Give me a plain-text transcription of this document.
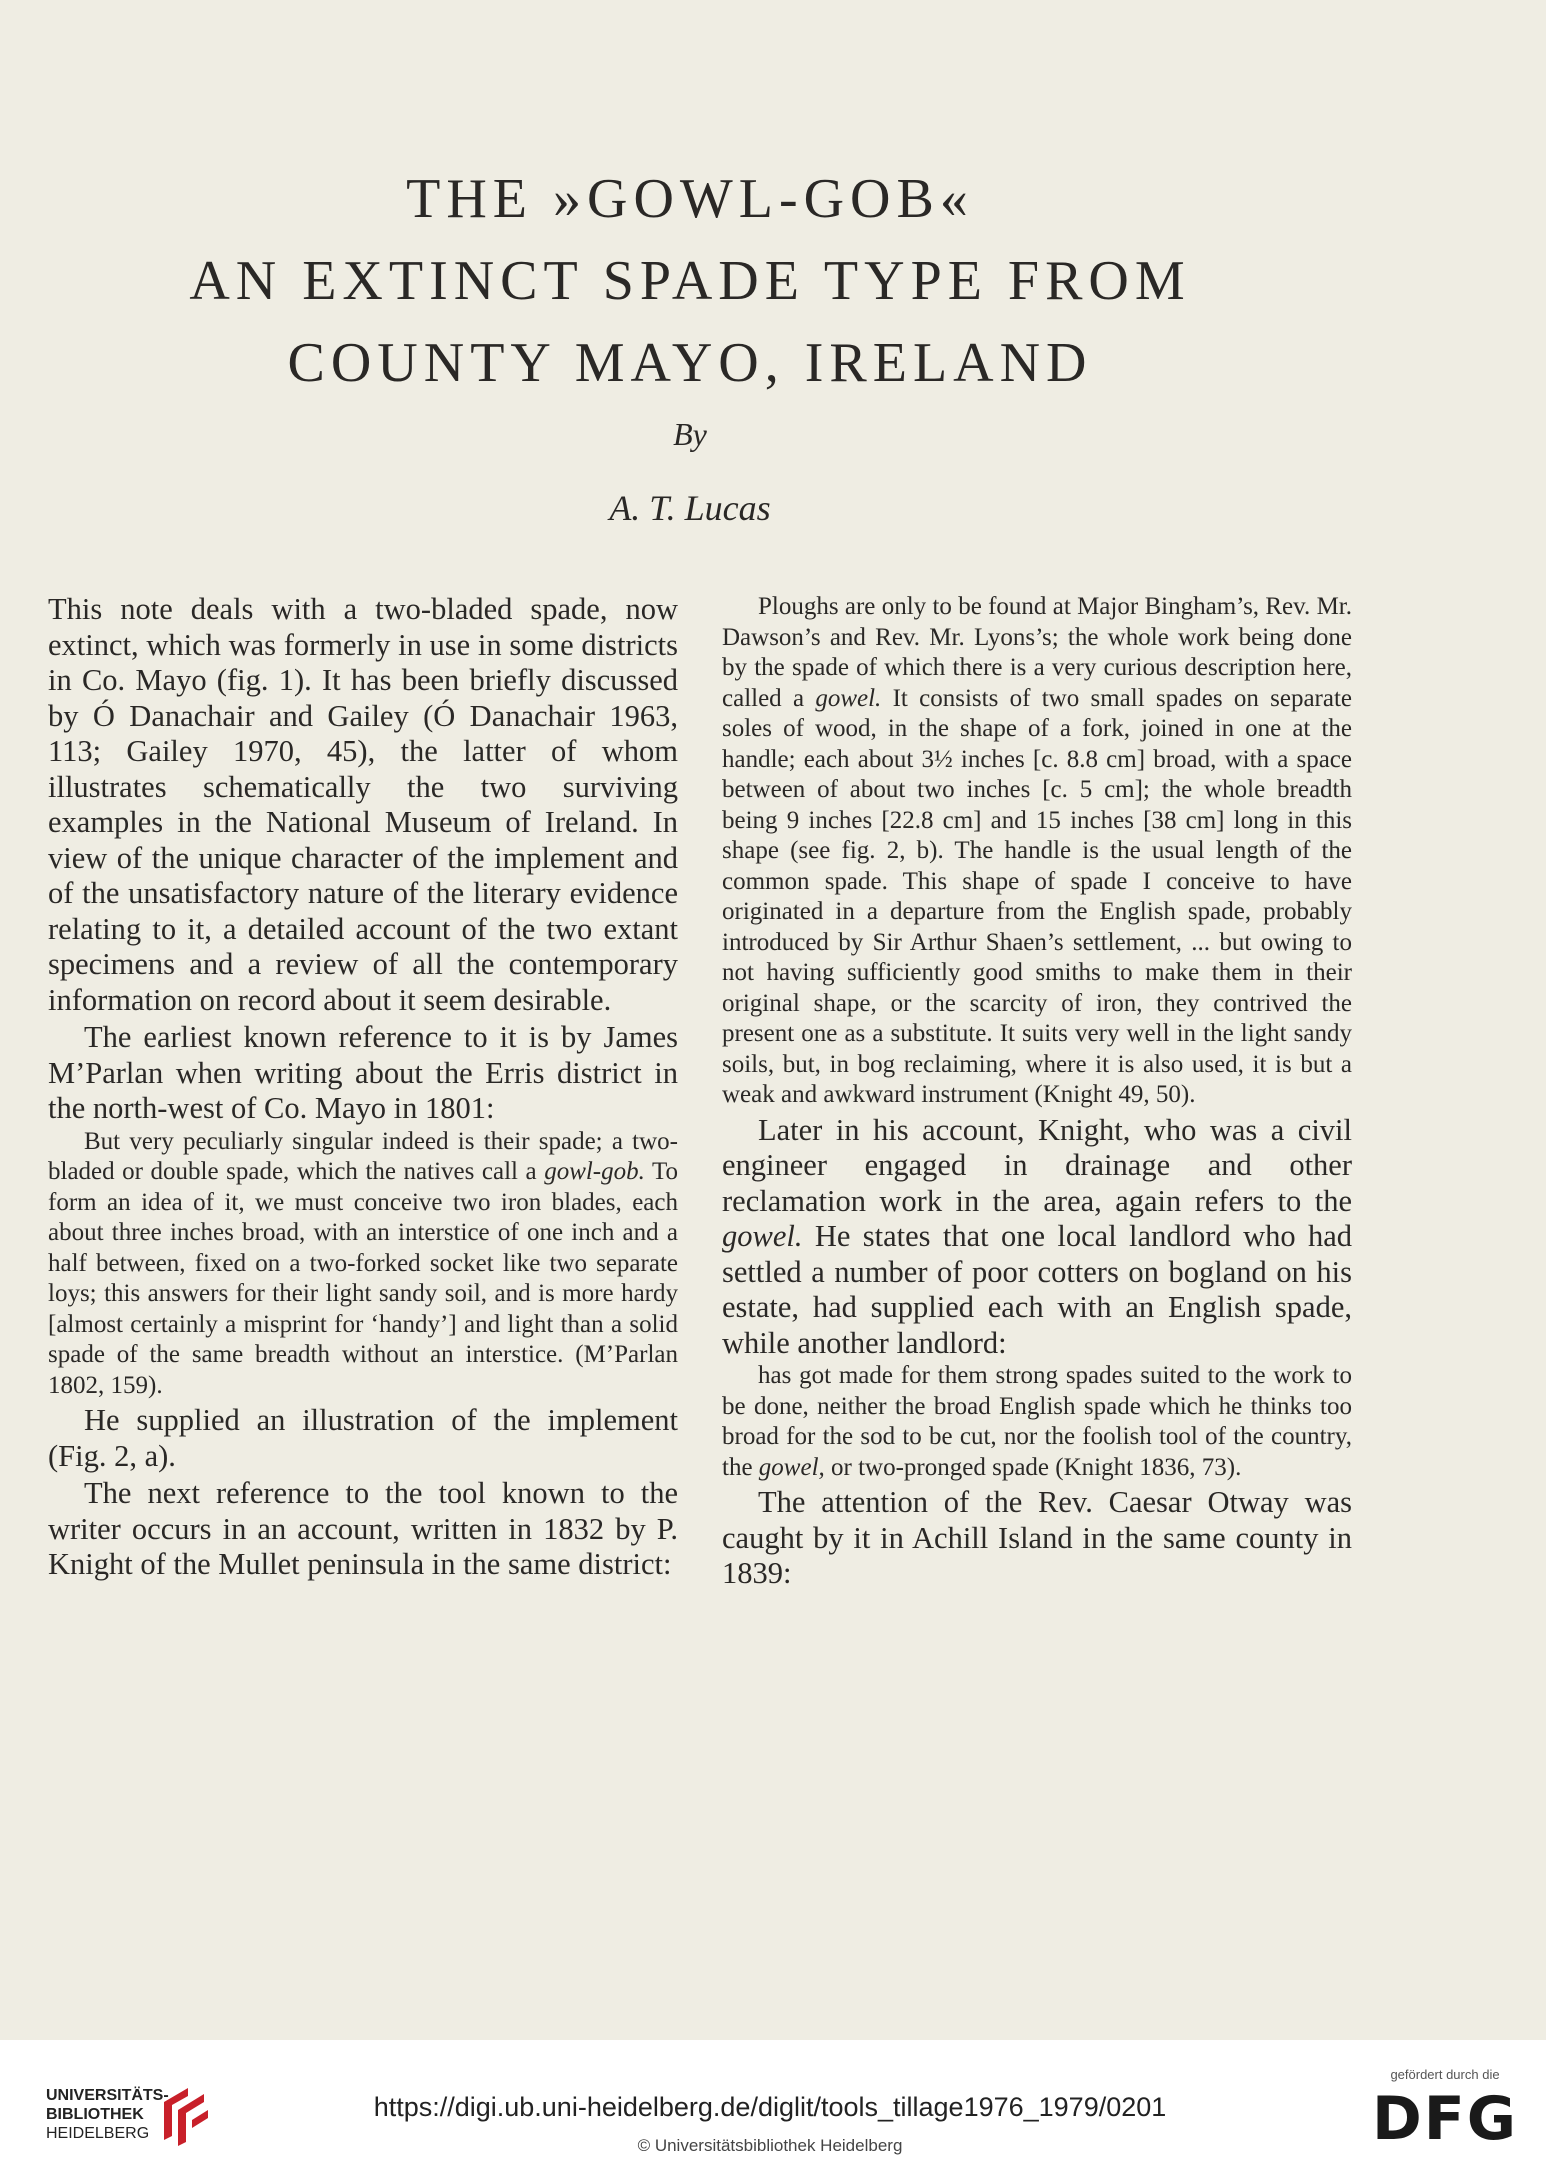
THE »GOWL-GOB«
AN EXTINCT SPADE TYPE FROM
COUNTY MAYO, IRELAND
By
A. T. Lucas

This note deals with a two-bladed spade, now extinct, which was formerly in use in some districts in Co. Mayo (fig. 1). It has been briefly discussed by Ó Danachair and Gailey (Ó Danachair 1963, 113; Gailey 1970, 45), the latter of whom illustrates schematically the two surviving examples in the National Museum of Ireland. In view of the unique character of the implement and of the unsatisfactory nature of the literary evidence relating to it, a detailed account of the two extant specimens and a review of all the contemporary information on record about it seem desirable.

The earliest known reference to it is by James M’Parlan when writing about the Erris district in the north-west of Co. Mayo in 1801:

But very peculiarly singular indeed is their spade; a two-bladed or double spade, which the natives call a gowl-gob. To form an idea of it, we must conceive two iron blades, each about three inches broad, with an interstice of one inch and a half between, fixed on a two-forked socket like two separate loys; this answers for their light sandy soil, and is more hardy [almost certainly a misprint for ‘handy’] and light than a solid spade of the same breadth without an interstice. (M’Parlan 1802, 159).

He supplied an illustration of the implement (Fig. 2, a).

The next reference to the tool known to the writer occurs in an account, written in 1832 by P. Knight of the Mullet peninsula in the same district:

Ploughs are only to be found at Major Bingham’s, Rev. Mr. Dawson’s and Rev. Mr. Lyons’s; the whole work being done by the spade of which there is a very curious description here, called a gowel. It consists of two small spades on separate soles of wood, in the shape of a fork, joined in one at the handle; each about 3½ inches [c. 8.8 cm] broad, with a space between of about two inches [c. 5 cm]; the whole breadth being 9 inches [22.8 cm] and 15 inches [38 cm] long in this shape (see fig. 2, b). The handle is the usual length of the common spade. This shape of spade I conceive to have originated in a departure from the English spade, probably introduced by Sir Arthur Shaen’s settlement, ... but owing to not having sufficiently good smiths to make them in their original shape, or the scarcity of iron, they contrived the present one as a substitute. It suits very well in the light sandy soils, but, in bog reclaiming, where it is also used, it is but a weak and awkward instrument (Knight 49, 50).

Later in his account, Knight, who was a civil engineer engaged in drainage and other reclamation work in the area, again refers to the gowel. He states that one local landlord who had settled a number of poor cotters on bogland on his estate, had supplied each with an English spade, while another landlord:

has got made for them strong spades suited to the work to be done, neither the broad English spade which he thinks too broad for the sod to be cut, nor the foolish tool of the country, the gowel, or two-pronged spade (Knight 1836, 73).

The attention of the Rev. Caesar Otway was caught by it in Achill Island in the same county in 1839:

UNIVERSITÄTS-
BIBLIOTHEK
HEIDELBERG
https://digi.ub.uni-heidelberg.de/diglit/tools_tillage1976_1979/0201
© Universitätsbibliothek Heidelberg
gefördert durch die
DFG
